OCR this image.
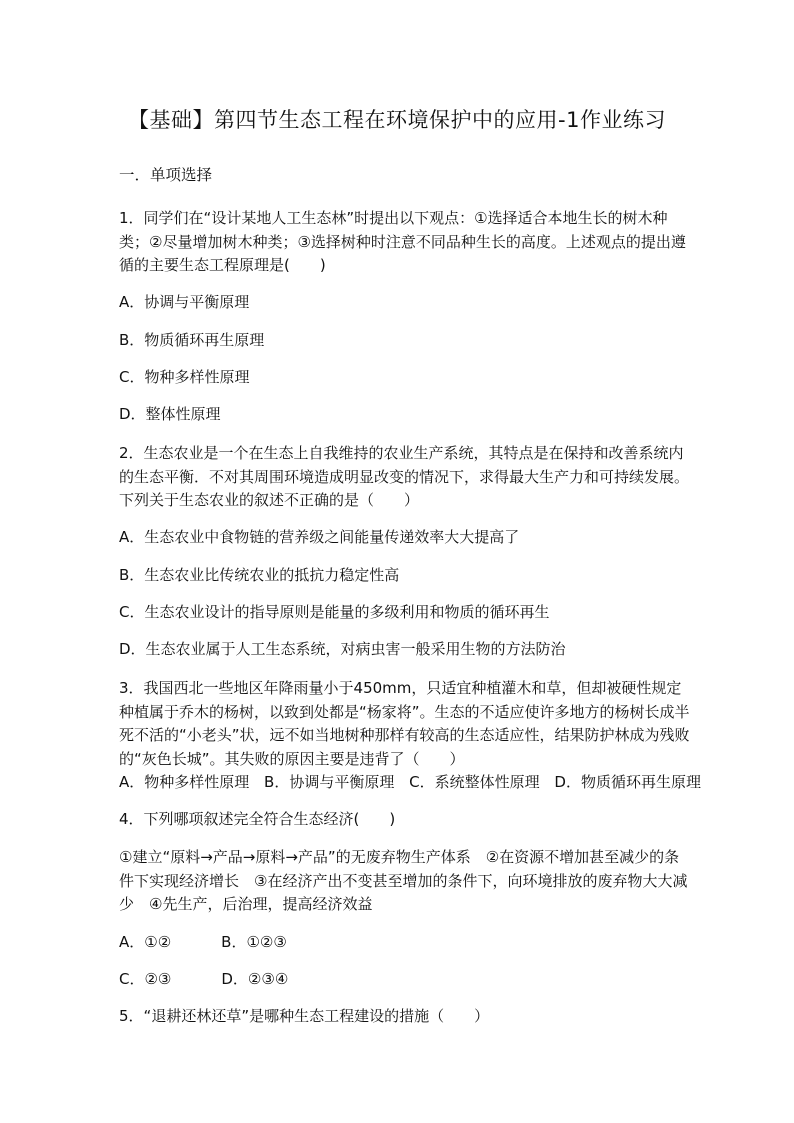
【基础】第四节生态工程在环境保护中的应用-1作业练习
一．单项选择
1．同学们在“设计某地人工生态林”时提出以下观点：①选择适合本地生长的树木种类；②尽量增加树木种类；③选择树种时注意不同品种生长的高度。上述观点的提出遵循的主要生态工程原理是(　　)
A．协调与平衡原理
B．物质循环再生原理
C．物种多样性原理
D．整体性原理
2．生态农业是一个在生态上自我维持的农业生产系统，其特点是在保持和改善系统内的生态平衡．不对其周围环境造成明显改变的情况下，求得最大生产力和可持续发展。下列关于生态农业的叙述不正确的是（　　）
A．生态农业中食物链的营养级之间能量传递效率大大提高了
B．生态农业比传统农业的抵抗力稳定性高
C．生态农业设计的指导原则是能量的多级利用和物质的循环再生
D．生态农业属于人工生态系统，对病虫害一般采用生物的方法防治
3．我国西北一些地区年降雨量小于450mm，只适宜种植灌木和草，但却被硬性规定种植属于乔木的杨树，以致到处都是“杨家将”。生态的不适应使许多地方的杨树长成半死不活的“小老头”状，远不如当地树种那样有较高的生态适应性，结果防护林成为残败的“灰色长城”。其失败的原因主要是违背了（　　）
A．物种多样性原理 B．协调与平衡原理 C．系统整体性原理 D．物质循环再生原理
4．下列哪项叙述完全符合生态经济(　　)
①建立“原料→产品→原料→产品”的无废弃物生产体系　②在资源不增加甚至减少的条件下实现经济增长　③在经济产出不变甚至增加的条件下，向环境排放的废弃物大大减少　④先生产，后治理，提高经济效益
A．①②	B．①②③
C．②③	D．②③④
5．“退耕还林还草”是哪种生态工程建设的措施（　　）
